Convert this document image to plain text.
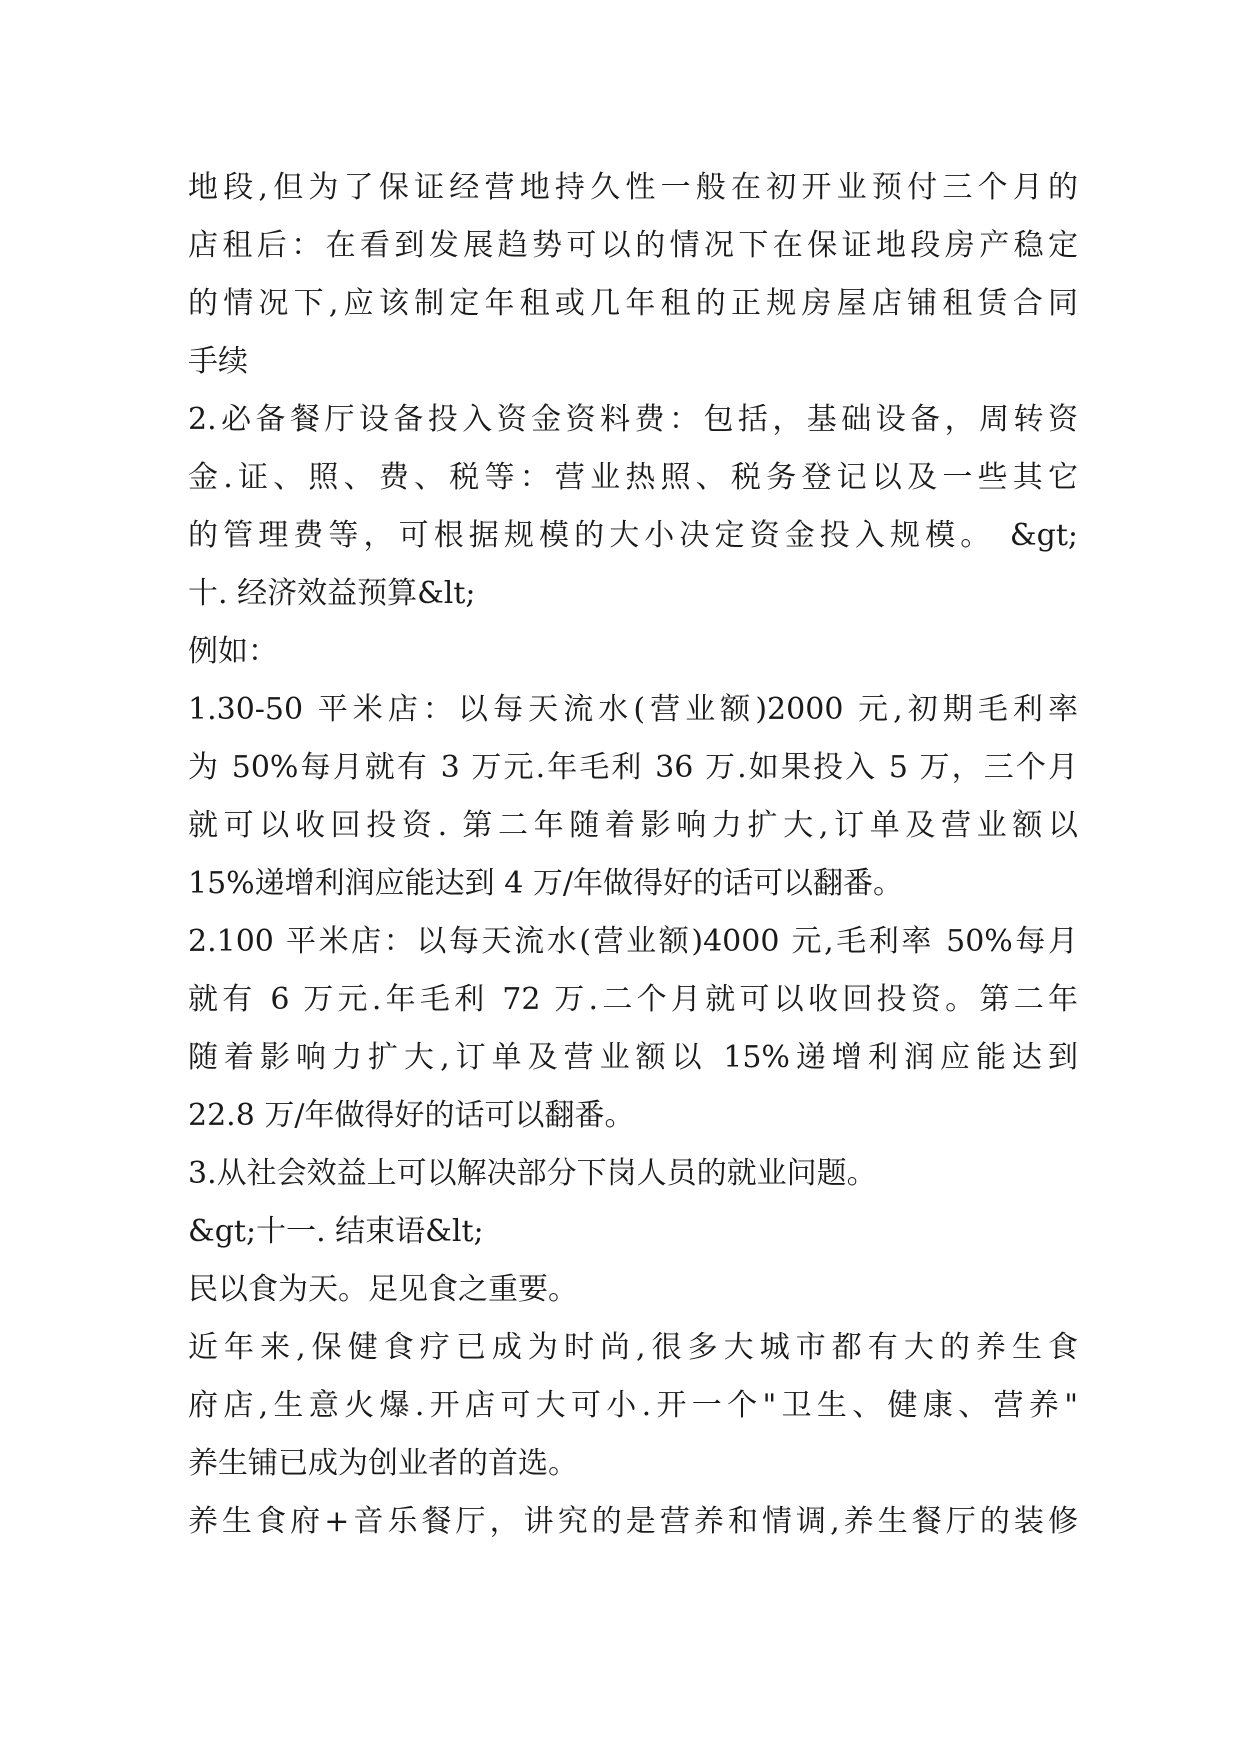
地段,但为了保证经营地持久性一般在初开业预付三个月的
店租后：在看到发展趋势可以的情况下在保证地段房产稳定
的情况下,应该制定年租或几年租的正规房屋店铺租赁合同
手续
2.必备餐厅设备投入资金资料费：包括，基础设备，周转资
金.证、照、费、税等：营业热照、税务登记以及一些其它
的管理费等，可根据规模的大小决定资金投入规模。 &gt;
十. 经济效益预算&lt;
例如：
1.30-50 平米店：以每天流水(营业额)2000 元,初期毛利率
为 50%每月就有 3 万元.年毛利 36 万.如果投入 5 万，三个月
就可以收回投资. 第二年随着影响力扩大,订单及营业额以
15%递增利润应能达到 4 万/年做得好的话可以翻番。
2.100 平米店：以每天流水(营业额)4000 元,毛利率 50%每月
就有 6 万元.年毛利 72 万.二个月就可以收回投资。第二年
随着影响力扩大,订单及营业额以 15%递增利润应能达到
22.8 万/年做得好的话可以翻番。
3.从社会效益上可以解决部分下岗人员的就业问题。
&gt;十一. 结束语&lt;
民以食为天。足见食之重要。
近年来,保健食疗已成为时尚,很多大城市都有大的养生食
府店,生意火爆.开店可大可小.开一个"卫生、健康、营养"
养生铺已成为创业者的首选。
养生食府+音乐餐厅，讲究的是营养和情调,养生餐厅的装修
